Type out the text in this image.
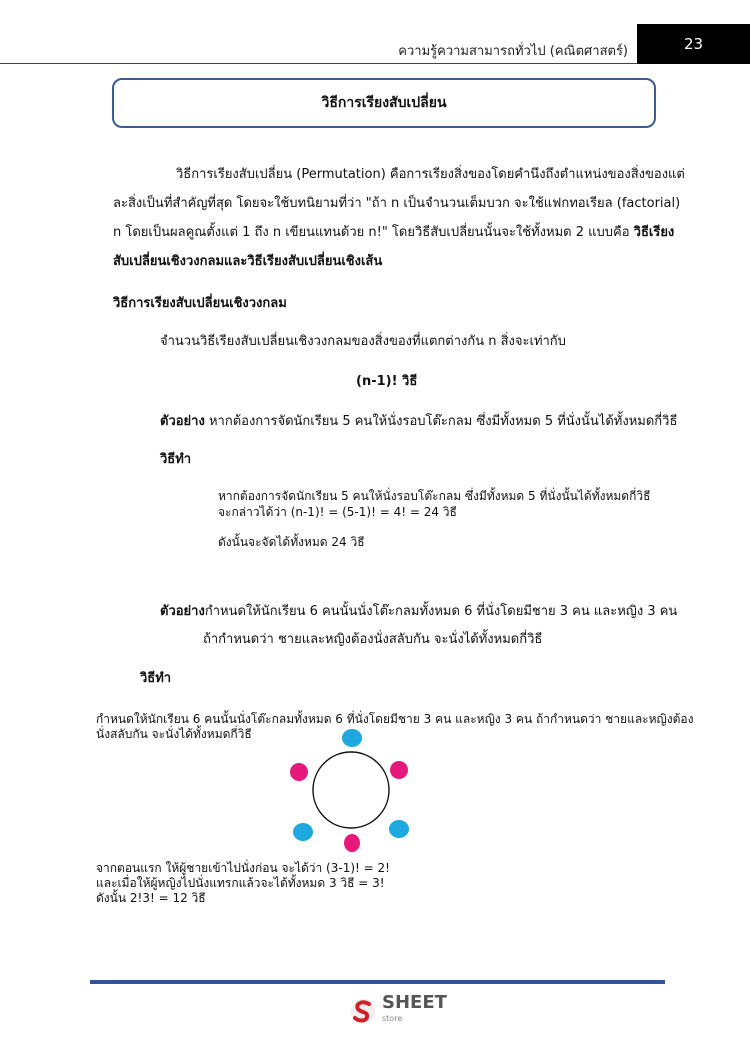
ความรู้ความสามารถทั่วไป (คณิตศาสตร์)	23
วิธีการเรียงสับเปลี่ยน
วิธีการเรียงสับเปลี่ยน (Permutation) คือการเรียงสิ่งของโดยคำนึงถึงตำแหน่งของสิ่งของแต่
ละสิ่งเป็นที่สำคัญที่สุด โดยจะใช้บทนิยามที่ว่า "ถ้า n เป็นจำนวนเต็มบวก จะใช้แฟกทอเรียล (factorial)
n โดยเป็นผลคูณตั้งแต่ 1 ถึง n เขียนแทนด้วย n!" โดยวิธีสับเปลี่ยนนั้นจะใช้ทั้งหมด 2 แบบคือ วิธีเรียง
สับเปลี่ยนเชิงวงกลมและวิธีเรียงสับเปลี่ยนเชิงเส้น
วิธีการเรียงสับเปลี่ยนเชิงวงกลม
จำนวนวิธีเรียงสับเปลี่ยนเชิงวงกลมของสิ่งของที่แตกต่างกัน n สิ่งจะเท่ากับ
(n-1)! วิธี
ตัวอย่าง หากต้องการจัดนักเรียน 5 คนให้นั่งรอบโต๊ะกลม ซึ่งมีทั้งหมด 5 ที่นั่งนั้นได้ทั้งหมดกี่วิธี
วิธีทำ
หากต้องการจัดนักเรียน 5 คนให้นั่งรอบโต๊ะกลม ซึ่งมีทั้งหมด 5 ที่นั่งนั้นได้ทั้งหมดกี่วิธี
จะกล่าวได้ว่า (n-1)! = (5-1)! = 4! = 24 วิธี
ดังนั้นจะจัดได้ทั้งหมด 24 วิธี
ตัวอย่างกำหนดให้นักเรียน 6 คนนั้นนั่งโต๊ะกลมทั้งหมด 6 ที่นั่งโดยมีชาย 3 คน และหญิง 3 คน
ถ้ากำหนดว่า ชายและหญิงต้องนั่งสลับกัน จะนั่งได้ทั้งหมดกี่วิธี
วิธีทำ
กำหนดให้นักเรียน 6 คนนั้นนั่งโต๊ะกลมทั้งหมด 6 ที่นั่งโดยมีชาย 3 คน และหญิง 3 คน ถ้ากำหนดว่า ชายและหญิงต้อง
นั่งสลับกัน จะนั่งได้ทั้งหมดกี่วิธี
จากตอนแรก ให้ผู้ชายเข้าไปนั่งก่อน จะได้ว่า (3-1)! = 2!
และเมื่อให้ผู้หญิงไปนั่งแทรกแล้วจะได้ทั้งหมด 3 วิธี = 3!
ดังนั้น 2!3! = 12 วิธี
SHEET
store
